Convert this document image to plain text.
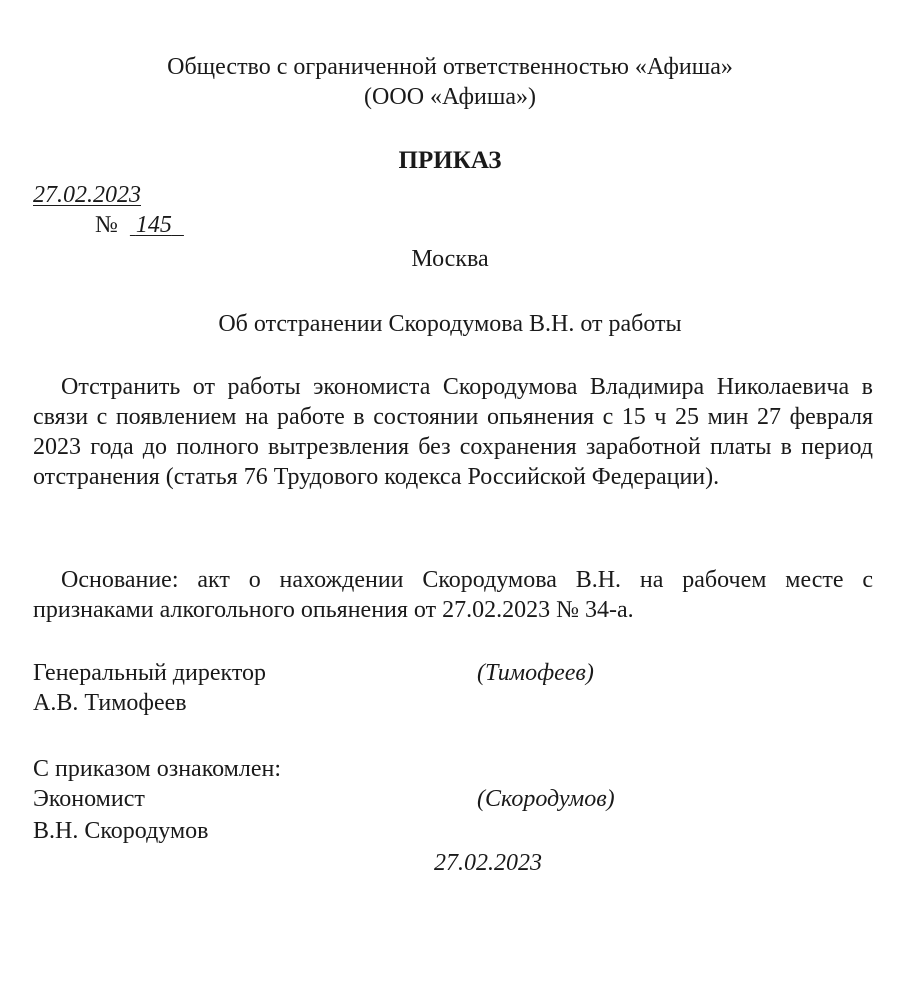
Общество с ограниченной ответственностью «Афиша»
(ООО «Афиша»)
ПРИКАЗ
27.02.2023
№ 145
Москва
Об отстранении Скородумова В.Н. от работы
Отстранить от работы экономиста Скородумова Владимира Николаевича в связи с появлением на работе в состоянии опьянения с 15 ч 25 мин 27 февраля 2023 года до полного вытрезвления без сохранения заработной платы в период отстранения (статья 76 Трудового кодекса Российской Федерации).
Основание: акт о нахождении Скородумова В.Н. на рабочем месте с признаками алкогольного опьянения от 27.02.2023 № 34-а.
Генеральный директор	(Тимофеев)
А.В. Тимофеев
С приказом ознакомлен:
Экономист	(Скородумов)
В.Н. Скородумов
27.02.2023
